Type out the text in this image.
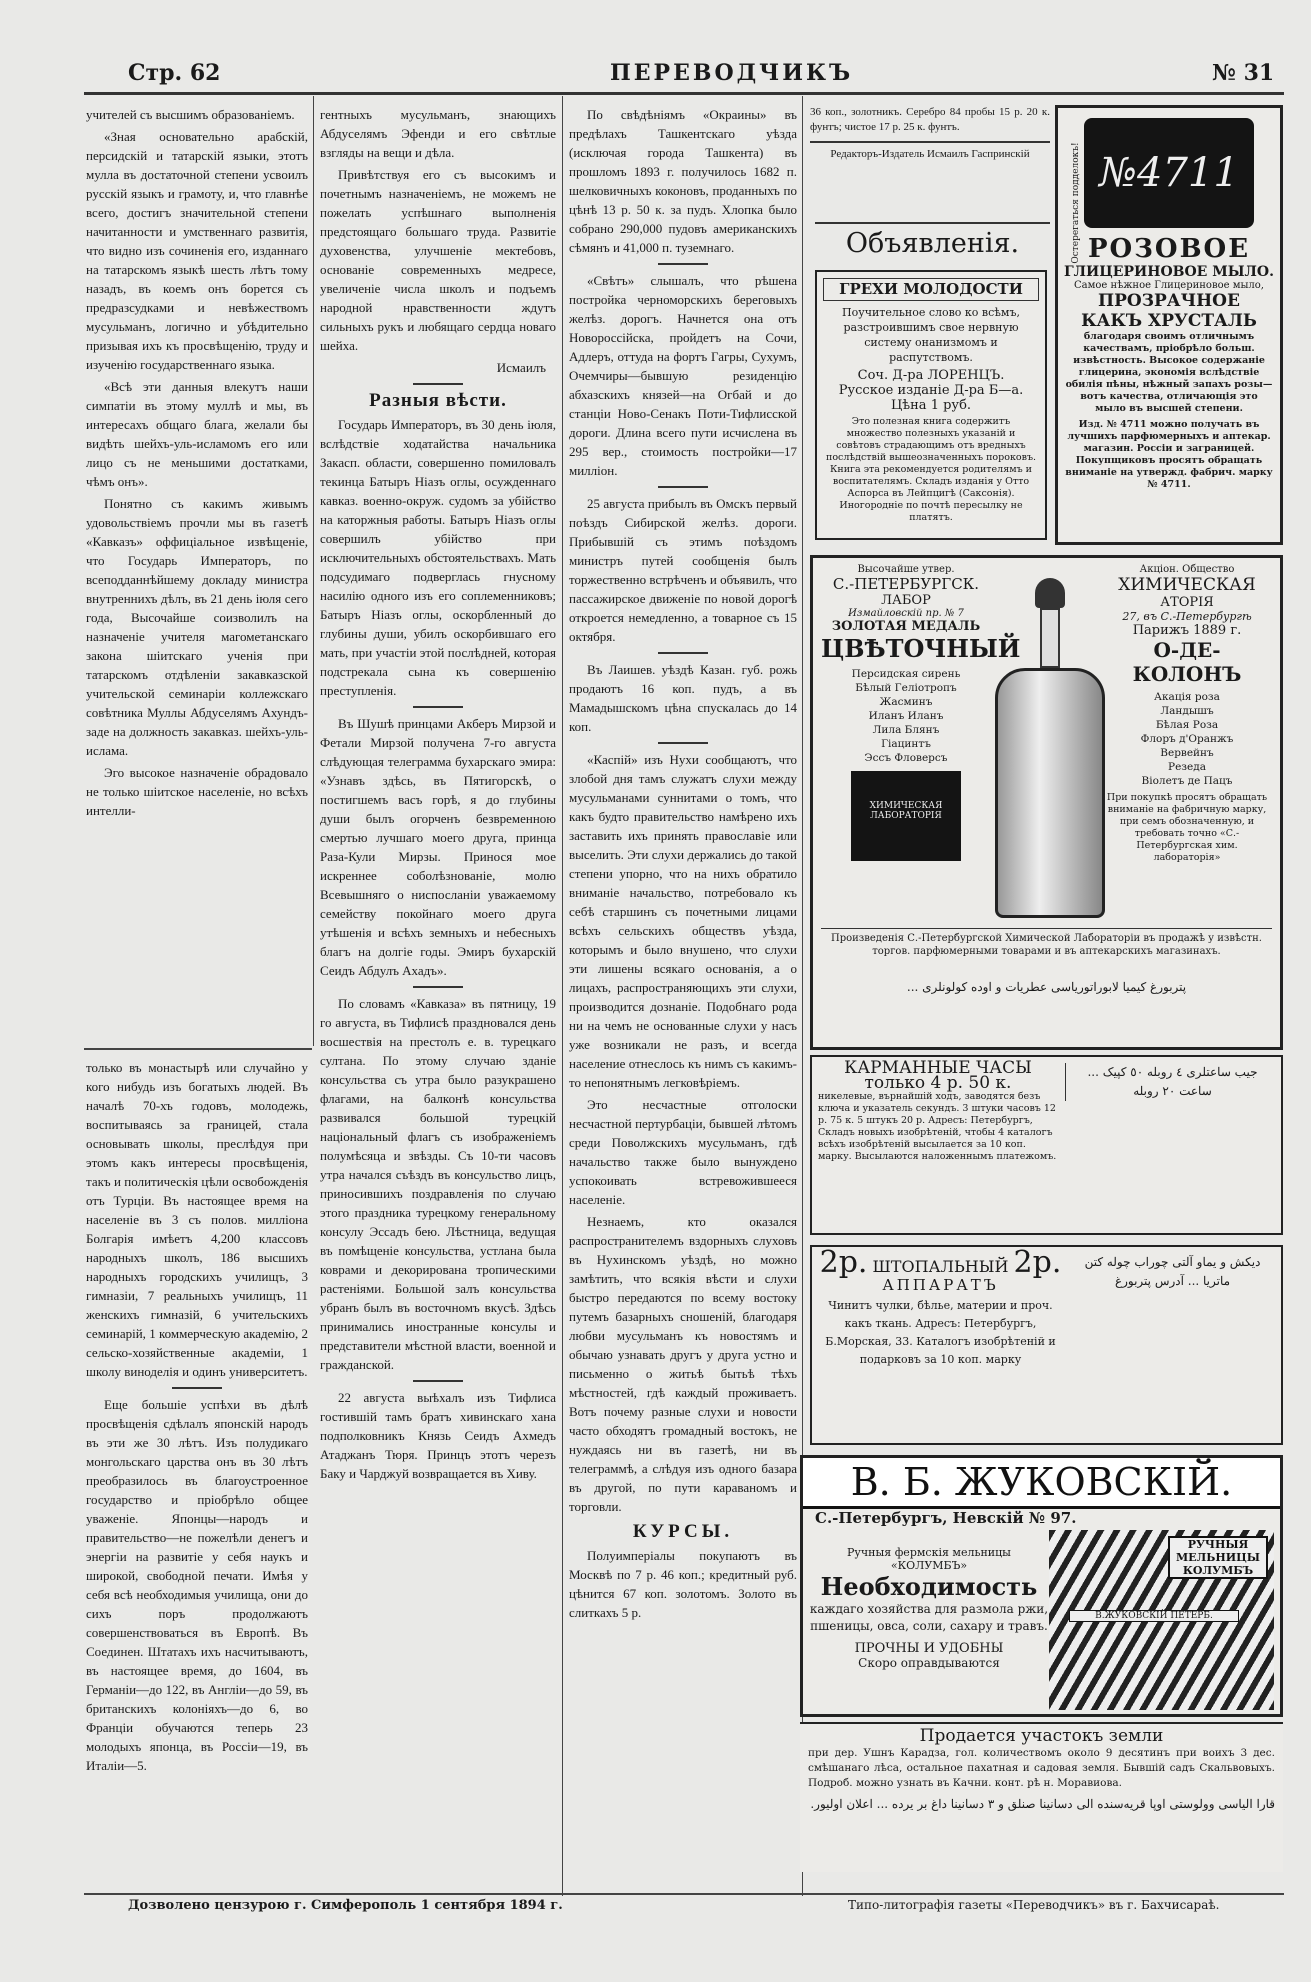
Стр. 62	ПЕРЕВОДЧИКЪ	№ 31

учителей съ высшимъ образованіемъ.

«Зная основательно арабскій, персидскій и татарскій языки, этотъ мулла въ достаточной степени усвоилъ русскій языкъ и грамоту, и, что главнѣе всего, достигъ значительной степени начитанности и умственнаго развитія, что видно изъ сочиненія его, изданнаго на татарскомъ языкѣ шесть лѣтъ тому назадъ, въ коемъ онъ борется съ предразсудками и невѣжествомъ мусульманъ, логично и убѣдительно призывая ихъ къ просвѣщенію, труду и изученію государственнаго языка.

«Всѣ эти данныя влекутъ наши симпатіи въ этому муллѣ и мы, въ интересахъ общаго блага, желали бы видѣть шейхъ-уль-исламомъ его или лицо съ не меньшими достатками, чѣмъ онъ».

Понятно съ какимъ живымъ удовольствіемъ прочли мы въ газетѣ «Кавказъ» оффиціальное извѣщеніе, что Государь Императоръ, по всеподданнѣйшему докладу министра внутреннихъ дѣлъ, въ 21 день іюля сего года, Высочайше соизволилъ на назначеніе учителя магометанскаго закона шіитскаго ученія при татарскомъ отдѣленіи закавказской учительской семинаріи коллежскаго совѣтника Муллы Абдуселямъ Ахундъ-заде на должность закавказ. шейхъ-уль-ислама.

Эго высокое назначеніе обрадовало не только шіитское населеніе, но всѣхъ интелли-

только въ монастырѣ или случайно у кого нибудь изъ богатыхъ людей. Въ началѣ 70-хъ годовъ, молодежь, воспитываясь за границей, стала основывать школы, преслѣдуя при этомъ какъ интересы просвѣщенія, такъ и политическія цѣли освобожденія отъ Турціи. Въ настоящее время на населеніе въ 3 съ полов. милліона Болгарія имѣетъ 4,200 классовъ народныхъ школъ, 186 высшихъ народныхъ городскихъ училищъ, 3 гимназіи, 7 реальныхъ училищъ, 11 женскихъ гимназій, 6 учительскихъ семинарій, 1 коммерческую академію, 2 сельско-хозяйственные академіи, 1 школу виноделія и одинъ университетъ.

Еще большіе успѣхи въ дѣлѣ просвѣщенія сдѣлалъ японскій народъ въ эти же 30 лѣтъ. Изъ полудикаго монгольскаго царства онъ въ 30 лѣтъ преобразилось въ благоустроенное государство и пріобрѣло общее уваженіе. Японцы—народъ и правительство—не пожелѣли денегъ и энергіи на развитіе у себя наукъ и широкой, свободной печати. Имѣя у себя всѣ необходимыя училища, они до сихъ поръ продолжаютъ совершенствоваться въ Европѣ. Въ Соединен. Штатахъ ихъ насчитываютъ, въ настоящее время, до 1604, въ Германіи—до 122, въ Англіи—до 59, въ британскихъ колоніяхъ—до 6, во Франціи обучаются теперь 23 молодыхъ японца, въ Россіи—19, въ Италіи—5.

гентныхъ мусульманъ, знающихъ Абдуселямъ Эфенди и его свѣтлые взгляды на вещи и дѣла.

Привѣтствуя его съ высокимъ и почетнымъ назначеніемъ, не можемъ не пожелать успѣшнаго выполненія предстоящаго большаго труда. Развитіе духовенства, улучшеніе мектебовъ, основаніе современныхъ медресе, увеличеніе числа школъ и подъемъ народной нравственности ждутъ сильныхъ рукъ и любящаго сердца новаго шейха.

Исмаилъ
Разныя вѣсти.

Государь Императоръ, въ 30 день іюля, вслѣдствіе ходатайства начальника Закасп. области, совершенно помиловалъ текинца Батыръ Ніазъ оглы, осужденнаго кавказ. военно-окруж. судомъ за убійство на каторжныя работы. Батыръ Ніазъ оглы совершилъ убійство при исключительныхъ обстоятельствахъ. Мать подсудимаго подверглась гнусному насилію одного изъ его соплеменниковъ; Батыръ Ніазъ оглы, оскорбленный до глубины души, убилъ оскорбившаго его мать, при участіи этой послѣдней, которая подстрекала сына къ совершенію преступленія.

Въ Шушѣ принцами Акберъ Мирзой и Фетали Мирзой получена 7-го августа слѣдующая телеграмма бухарскаго эмира: «Узнавъ здѣсь, въ Пятигорскѣ, о постигшемъ васъ горѣ, я до глубины души былъ огорченъ безвременною смертью лучшаго моего друга, принца Раза-Кули Мирзы. Принося мое искреннее соболѣзнованіе, молю Всевышняго о ниспосланіи уважаемому семейству покойнаго моего друга утѣшенія и всѣхъ земныхъ и небесныхъ благъ на долгіе годы. Эмиръ бухарскій Сеидъ Абдулъ Ахадъ».

По словамъ «Кавказа» въ пятницу, 19 го августа, въ Тифлисѣ праздновался день восшествія на престолъ е. в. турецкаго султана. По этому случаю зданіе консульства съ утра было разукрашено флагами, на балконѣ консульства развивался большой турецкій національный флагъ съ изображеніемъ полумѣсяца и звѣзды. Съ 10-ти часовъ утра начался съѣздъ въ консульство лицъ, приносившихъ поздравленія по случаю этого праздника турецкому генеральному консулу Эссадъ бею. Лѣстница, ведущая въ помѣщеніе консульства, устлана была коврами и декорирована тропическими растеніями. Большой залъ консульства убранъ былъ въ восточномъ вкусѣ. Здѣсь принимались иностранные консулы и представители мѣстной власти, военной и гражданской.

22 августа выѣхалъ изъ Тифлиса гостившій тамъ братъ хивинскаго хана подполковникъ Князь Сеидъ Ахмедъ Атаджанъ Тюря. Принцъ этотъ черезъ Баку и Чарджуй возвращается въ Хиву.

По свѣдѣніямъ «Окраины» въ предѣлахъ Ташкентскаго уѣзда (исключая города Ташкента) въ прошломъ 1893 г. получилось 1682 п. шелковичныхъ коконовъ, проданныхъ по цѣнѣ 13 р. 50 к. за пудъ. Хлопка было собрано 290,000 пудовъ американскихъ сѣмянъ и 41,000 п. туземнаго.

«Свѣтъ» слышалъ, что рѣшена постройка черноморскихъ береговыхъ желѣз. дорогъ. Начнется она отъ Новороссійска, пройдетъ на Сочи, Адлеръ, оттуда на фортъ Гагры, Сухумъ, Очемчиры—бывшую резиденцію абхазскихъ князей—на Огбай и до станціи Ново-Сенакъ Поти-Тифлисской дороги. Длина всего пути исчислена въ 295 вер., стоимость постройки—17 милліон.

25 августа прибылъ въ Омскъ первый поѣздъ Сибирской желѣз. дороги. Прибывшій съ этимъ поѣздомъ министръ путей сообщенія былъ торжественно встрѣченъ и объявилъ, что пассажирское движеніе по новой дорогѣ откроется немедленно, а товарное съ 15 октября.

Въ Лаишев. уѣздѣ Казан. губ. рожь продаютъ 16 коп. пудъ, а въ Мамадышскомъ цѣна спускалась до 14 коп.

«Каспій» изъ Нухи сообщаютъ, что злобой дня тамъ служатъ слухи между мусульманами суннитами о томъ, что какъ будто правительство намѣрено ихъ заставить ихъ принять православіе или выселить. Эти слухи держались до такой степени упорно, что на нихъ обратило вниманіе начальство, потребовало къ себѣ старшинъ съ почетными лицами всѣхъ сельскихъ обществъ уѣзда, которымъ и было внушено, что слухи эти лишены всякаго основанія, а о лицахъ, распространяющихъ эти слухи, производится дознаніе. Подобнаго рода ни на чемъ не основанные слухи у насъ уже возникали не разъ, и всегда население отнеслось къ нимъ съ какимъ-то непонятнымъ легковѣріемъ.

Это несчастные отголоски несчастной пертурбаціи, бывшей лѣтомъ среди Поволжскихъ мусульманъ, гдѣ начальство также было вынуждено успокоивать встревожившееся населеніе.

Незнаемъ, кто оказался распространителемъ вздорныхъ слуховъ въ Нухинскомъ уѣздѣ, но можно замѣтить, что всякія вѣсти и слухи быстро передаются по всему востоку путемъ базарныхъ сношеній, благодаря любви мусульманъ къ новостямъ и обычаю узнавать другъ у друга устно и письменно о житьѣ бытьѣ тѣхъ мѣстностей, гдѣ каждый проживаетъ. Вотъ почему разные слухи и новости часто обходятъ громадный востокъ, не нуждаясь ни въ газетѣ, ни въ телеграммѣ, а слѣдуя изъ одного базара въ другой, по пути караваномъ и торговли.

КУРСЫ.

Полуимперіалы покупаютъ въ Москвѣ по 7 р. 46 коп.; кредитный руб. цѣнится 67 коп. золотомъ. Золото въ слиткахъ 5 р.

36 коп., золотникъ. Серебро 84 пробы 15 р. 20 к. фунтъ; чистое 17 р. 25 к. фунтъ.

Редакторъ-Издатель Исмаилъ Гаспринскій
Объявленія.
ГРЕХИ МОЛОДОСТИ
Поучительное слово ко всѣмъ, разстроившимъ свое нервную систему онанизмомъ и распутствомъ.
Соч. Д-ра ЛОРЕНЦЪ.
Русское изданіе Д-ра Б—а.
Цѣна 1 руб.
Это полезная книга содержитъ множество полезныхъ указаній и совѣтовъ страдающимъ отъ вредныхъ послѣдствій вышеозначенныхъ пороковъ. Книга эта рекомендуется родителямъ и воспитателямъ. Складъ изданія у Отто Аспорса въ Лейпцигѣ (Саксонія). Иногородніе по почтѣ пересылку не платятъ.
Остерегаться подделокъ! №4711
РОЗОВОЕ
ГЛИЦЕРИНОВОЕ МЫЛО.
Самое нѣжное Глицериновое мыло,
ПРОЗРАЧНОЕ
КАКЪ ХРУСТАЛЬ
благодаря своимъ отличнымъ качествамъ, пріобрѣло больш. извѣстность. Высокое содержаніе глицерина, экономія вслѣдствіе обилія пѣны, нѣжный запахъ розы—вотъ качества, отличающія это мыло въ высшей степени.
Изд. № 4711 можно получать въ лучшихъ парфюмерныхъ и аптекар. магазин. Россіи и заграницей. Покупщиковъ просятъ обращать вниманіе на утвержд. фабрич. марку № 4711.
Высочайше утвер.
С.-ПЕТЕРБУРГСК.
ЛАБОР
Измайловскій пр. № 7
ЗОЛОТАЯ МЕДАЛЬ
ЦВѢТОЧНЫЙ
Персидская сирень
Бѣлый Геліотропъ
Жасминъ
Иланъ Иланъ
Лила Блянъ
Гіацинтъ
Эссъ Фловерсъ
ХИМИЧЕСКАЯ ЛАБОРАТОРІЯ
Акціон. Общество
ХИМИЧЕСКАЯ
АТОРІЯ
27, въ С.-Петербургѣ
Парижъ 1889 г.
О-ДЕ-КОЛОНЪ
Акація роза
Ландышъ
Бѣлая Роза
Флоръ д'Оранжъ
Вервейнъ
Резеда
Віолетъ де Пацъ
При покупкѣ просятъ обращать вниманіе на фабричную марку, при семъ обозначенную, и требовать точно «С.-Петербургская хим. лабораторія»
Произведенія С.-Петербургской Химической Лабораторіи въ продажѣ у извѣстн. торгов. парфюмерными товарами и въ аптекарскихъ магазинахъ.
پتربورغ کیمیا لابوراتوریاسی عطریات و اوده کولونلری ...
КАРМАННЫЕ ЧАСЫ
только 4 р. 50 к.
никелевые, върнайшій ходъ, заводятся безъ ключа и указатель секундъ. 3 штуки часовъ 12 р. 75 к. 5 штукъ 20 р. Адресъ: Петербургъ, Складъ новыхъ изобрѣтеній, чтобы 4 каталогъ всѣхъ изобрѣтеній высылается за 10 коп. марку. Высылаются наложеннымъ платежомъ.
جیب ساعتلری ٤ روبله ٥٠ کپیک ... ساعت ٢٠ روبله
2р. ШТОПАЛЬНЫЙ 2р.
АППАРАТЪ
Чинитъ чулки, бѣлье, материи и проч. какъ ткань. Адресъ: Петербургъ, Б.Морская, 33. Каталогъ изобрѣтеній и подарковъ за 10 коп. марку
دیکش و یماو آلتی چوراب چوله کتن ماتریا ... آدرس پتربورغ
В. Б. ЖУКОВСКІЙ.
С.-Петербургъ, Невскій № 97.
Ручныя фермскія мельницы «КОЛУМБЪ»
Необходимость
каждаго хозяйства для размола ржи, пшеницы, овса, соли, сахару и травъ.
ПРОЧНЫ И УДОБНЫ
Скоро оправдываются
РУЧНЫЯ МЕЛЬНИЦЫ КОЛУМБЪ
В.ЖУКОВСКІЙ ПЕТЕРБ.
Продается участокъ земли
при дер. Ушнъ Карадза, гол. количествомъ около 9 десятинъ при воихъ 3 дес. смѣшанаго лѣса, остальное пахатная и садовая земля. Бывшій садъ Скальвовыхъ. Подроб. можно узнать въ Качни. конт. рѣ н. Моравиова.
قارا الیاسی وولوستی اوپا قریه‌سنده الی دسانینا صنلق و ٣ دسانینا داغ بر یرده ... اعلان اولیور.
Дозволено цензурою г. Симферополь 1 сентября 1894 г.	Типо-литографія газеты «Переводчикъ» въ г. Бахчисараѣ.
